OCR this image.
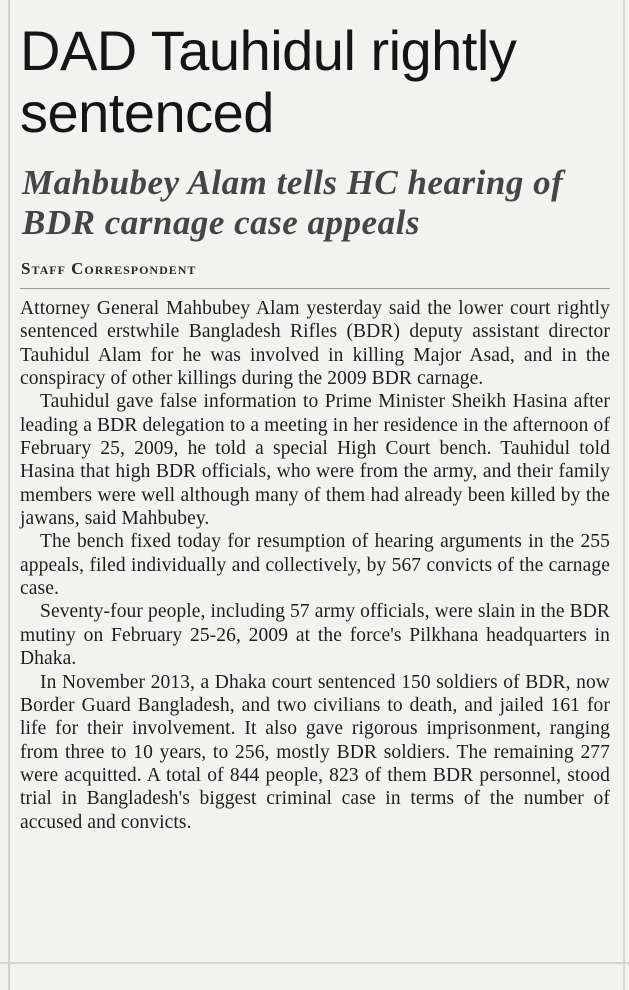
DAD Tauhidul rightly sentenced
Mahbubey Alam tells HC hearing of BDR carnage case appeals
Staff Correspondent

Attorney General Mahbubey Alam yesterday said the lower court rightly sentenced erstwhile Bangladesh Rifles (BDR) deputy assistant director Tauhidul Alam for he was involved in killing Major Asad, and in the conspiracy of other killings during the 2009 BDR carnage.

Tauhidul gave false information to Prime Minister Sheikh Hasina after leading a BDR delegation to a meeting in her residence in the afternoon of February 25, 2009, he told a special High Court bench. Tauhidul told Hasina that high BDR officials, who were from the army, and their family members were well although many of them had already been killed by the jawans, said Mahbubey.

The bench fixed today for resumption of hearing arguments in the 255 appeals, filed individually and collectively, by 567 convicts of the carnage case.

Seventy-four people, including 57 army officials, were slain in the BDR mutiny on February 25-26, 2009 at the force's Pilkhana headquarters in Dhaka.

In November 2013, a Dhaka court sentenced 150 soldiers of BDR, now Border Guard Bangladesh, and two civilians to death, and jailed 161 for life for their involvement. It also gave rigorous imprisonment, ranging from three to 10 years, to 256, mostly BDR soldiers. The remaining 277 were acquitted. A total of 844 people, 823 of them BDR personnel, stood trial in Bangladesh's biggest criminal case in terms of the number of accused and convicts.
